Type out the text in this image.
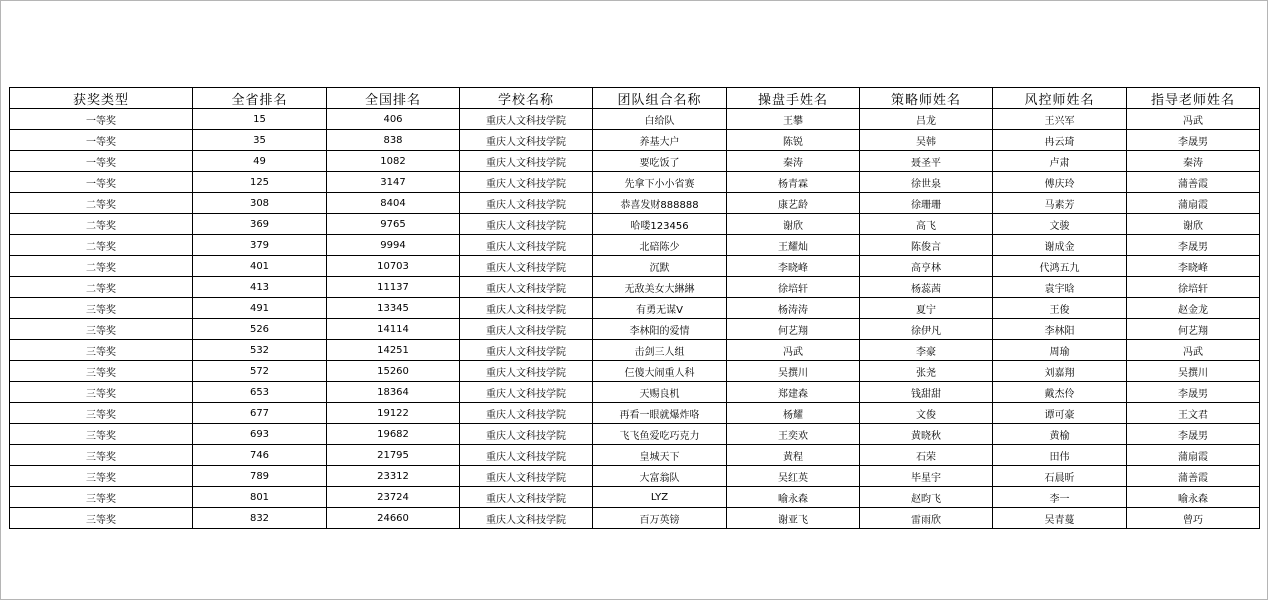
获奖类型	全省排名	全国排名	学校名称	团队组合名称	操盘手姓名	策略师姓名	风控师姓名	指导老师姓名
一等奖	15	406	重庆人文科技学院	白给队	王攀	吕龙	王兴军	冯武
一等奖	35	838	重庆人文科技学院	养基大户	陈锐	吴韩	冉云琦	李晟男
一等奖	49	1082	重庆人文科技学院	要吃饭了	秦涛	聂圣平	卢肃	秦涛
一等奖	125	3147	重庆人文科技学院	先拿下小小省赛	杨青霖	徐世泉	傅庆玲	蒲善霞
二等奖	308	8404	重庆人文科技学院	恭喜发财888888	康艺龄	徐珊珊	马素芳	蒲扇霞
二等奖	369	9765	重庆人文科技学院	哈喽123456	谢欣	高飞	文骏	谢欣
二等奖	379	9994	重庆人文科技学院	北碚陈少	王耀灿	陈俊言	谢成金	李晟男
二等奖	401	10703	重庆人文科技学院	沉默	李晓峰	高亨林	代鸿五九	李晓峰
二等奖	413	11137	重庆人文科技学院	无敌美女大綝綝	徐培轩	杨蕊茜	袁宇晗	徐培轩
三等奖	491	13345	重庆人文科技学院	有勇无谋V	杨涛涛	夏宁	王俊	赵金龙
三等奖	526	14114	重庆人文科技学院	李林阳的爱情	何艺翔	徐伊凡	李林阳	何艺翔
三等奖	532	14251	重庆人文科技学院	击剑三人组	冯武	李豪	周瑜	冯武
三等奖	572	15260	重庆人文科技学院	仨傻大闹重人科	吴撰川	张尧	刘嘉翔	吴撰川
三等奖	653	18364	重庆人文科技学院	天赐良机	郑建森	钱甜甜	戴杰伶	李晟男
三等奖	677	19122	重庆人文科技学院	再看一眼就爆炸咯	杨耀	文俊	谭可豪	王文君
三等奖	693	19682	重庆人文科技学院	飞飞鱼爱吃巧克力	王奕欢	黄晓秋	黄榆	李晟男
三等奖	746	21795	重庆人文科技学院	皇城天下	黄程	石荣	田伟	蒲扇霞
三等奖	789	23312	重庆人文科技学院	大富翁队	吴红英	毕星宇	石晨昕	蒲善霞
三等奖	801	23724	重庆人文科技学院	LYZ	喻永森	赵昀飞	李一	喻永森
三等奖	832	24660	重庆人文科技学院	百万英镑	谢亚飞	雷雨欣	吴青蔓	曾巧
